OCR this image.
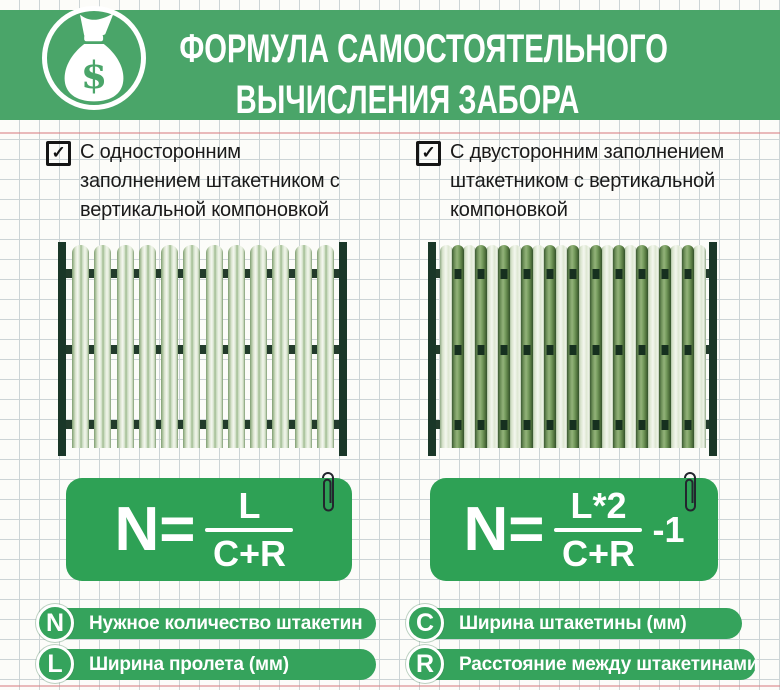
ФОРМУЛА САМОСТОЯТЕЛЬНОГО
ВЫЧИСЛЕНИЯ ЗАБОРА
$
✓ С односторонним заполнением штакетником с вертикальной компоновкой
✓ С двусторонним заполнением штакетником с вертикальной компоновкой
$N= \frac{L}{C+R}$	$N= \frac{L*2}{C+R} -1$
N	Нужное количество штакетин
L	Ширина пролета (мм)
C	Ширина штакетины (мм)
R	Расстояние между штакетинами
